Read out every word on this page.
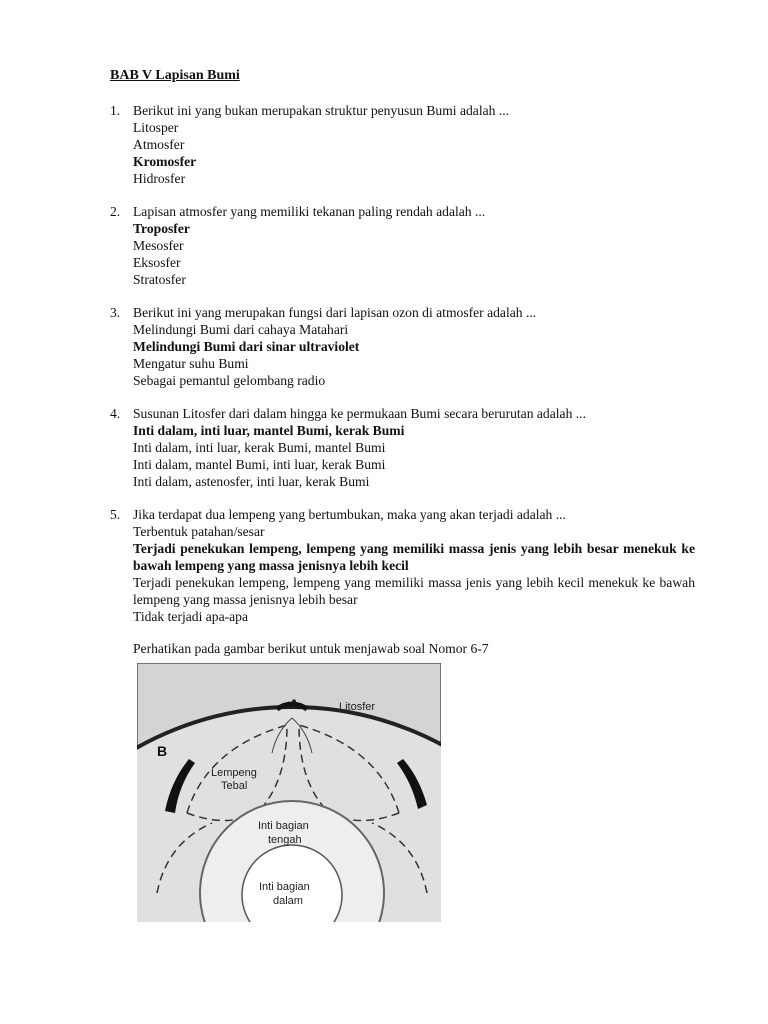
BAB V Lapisan Bumi
1. Berikut ini yang bukan merupakan struktur penyusun Bumi adalah ...
Litosper
Atmosfer
Kromosfer
Hidrosfer
2. Lapisan atmosfer yang memiliki tekanan paling rendah adalah ...
Troposfer
Mesosfer
Eksosfer
Stratosfer
3. Berikut ini yang merupakan fungsi dari lapisan ozon di atmosfer adalah ...
Melindungi Bumi dari cahaya Matahari
Melindungi Bumi dari sinar ultraviolet
Mengatur suhu Bumi
Sebagai pemantul gelombang radio
4. Susunan Litosfer dari dalam hingga ke permukaan Bumi secara berurutan adalah ...
Inti dalam, inti luar, mantel Bumi, kerak Bumi
Inti dalam, inti luar, kerak Bumi, mantel Bumi
Inti dalam, mantel Bumi, inti luar, kerak Bumi
Inti dalam, astenosfer, inti luar, kerak Bumi
5. Jika terdapat dua lempeng yang bertumbukan, maka yang akan terjadi adalah ...
Terbentuk patahan/sesar
Terjadi penekukan lempeng, lempeng yang memiliki massa jenis yang lebih besar menekuk ke bawah lempeng yang massa jenisnya lebih kecil
Terjadi penekukan lempeng, lempeng yang memiliki massa jenis yang lebih kecil menekuk ke bawah lempeng yang massa jenisnya lebih besar
Tidak terjadi apa-apa
Perhatikan pada gambar berikut untuk menjawab soal Nomor 6-7
A
B
Litosfer
Lempeng
Tebal
Inti bagian
tengah
Inti bagian
dalam
